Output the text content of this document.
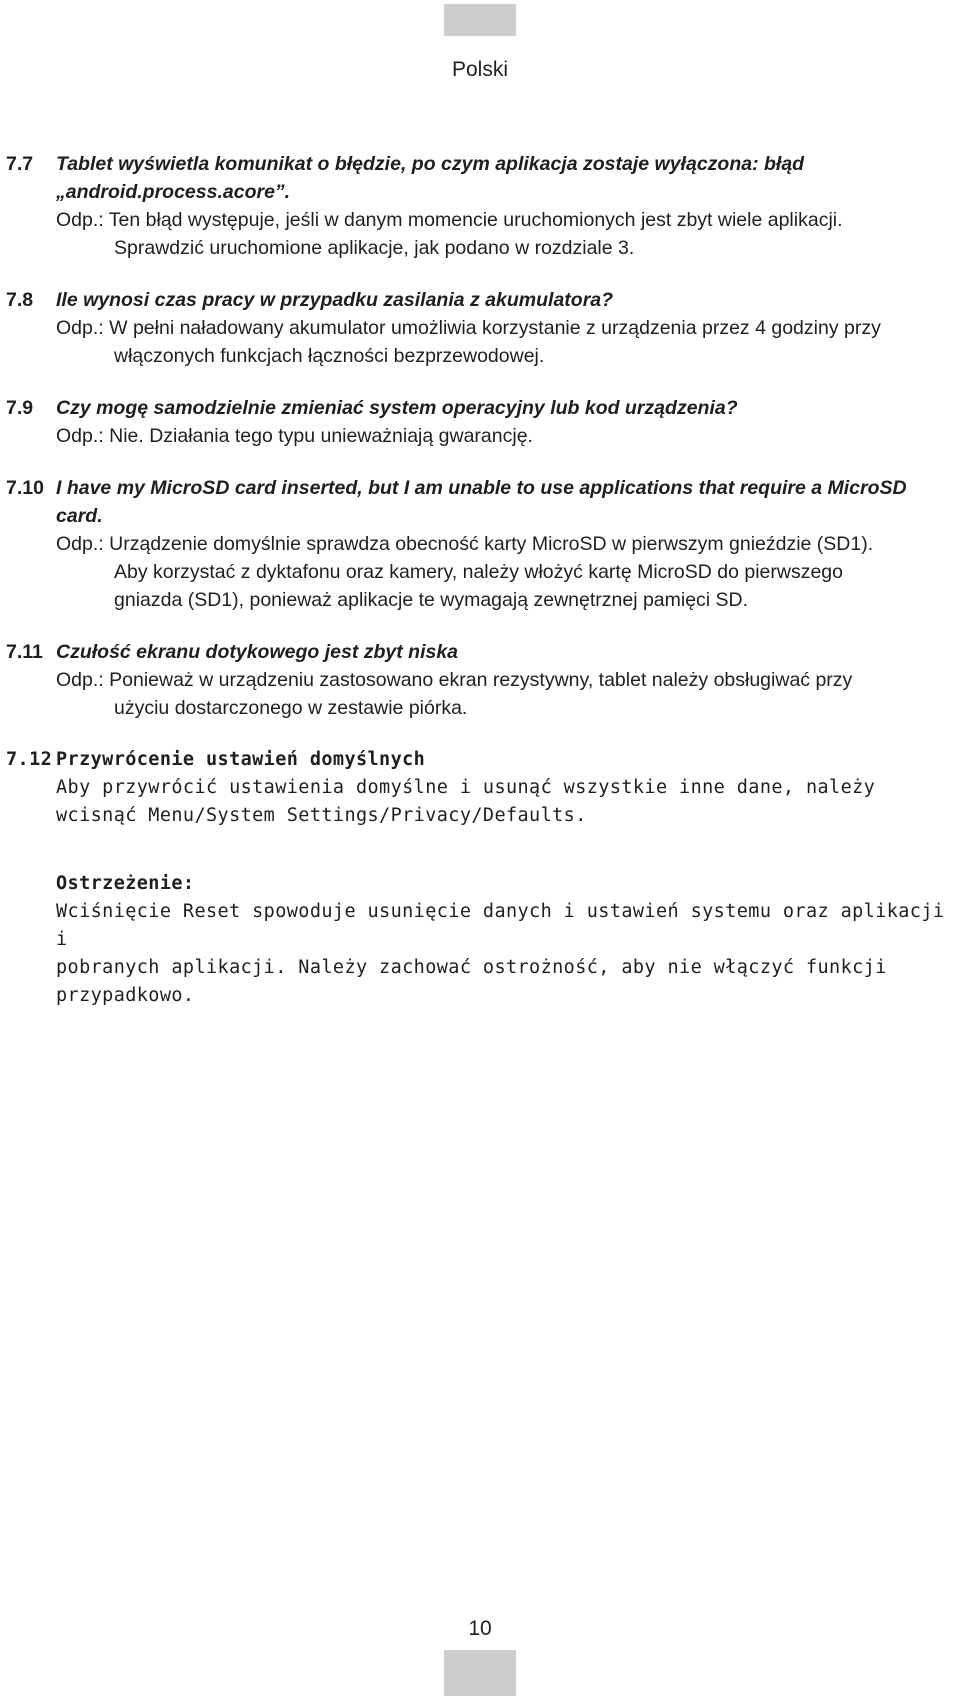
Polski
7.7	Tablet wyświetla komunikat o błędzie, po czym aplikacja zostaje wyłączona: błąd „android.process.acore”.
Odp.: Ten błąd występuje, jeśli w danym momencie uruchomionych jest zbyt wiele aplikacji.
Sprawdzić uruchomione aplikacje, jak podano w rozdziale 3.
7.8	Ile wynosi czas pracy w przypadku zasilania z akumulatora?
Odp.: W pełni naładowany akumulator umożliwia korzystanie z urządzenia przez 4 godziny przy
włączonych funkcjach łączności bezprzewodowej.
7.9	Czy mogę samodzielnie zmieniać system operacyjny lub kod urządzenia?
Odp.: Nie. Działania tego typu unieważniają gwarancję.
7.10 I have my MicroSD card inserted, but I am unable to use applications that require a MicroSD card.
Odp.: Urządzenie domyślnie sprawdza obecność karty MicroSD w pierwszym gnieździe (SD1).
Aby korzystać z dyktafonu oraz kamery, należy włożyć kartę MicroSD do pierwszego
gniazda (SD1), ponieważ aplikacje te wymagają zewnętrznej pamięci SD.
7.11 Czułość ekranu dotykowego jest zbyt niska
Odp.: Ponieważ w urządzeniu zastosowano ekran rezystywny, tablet należy obsługiwać przy
użyciu dostarczonego w zestawie piórka.
7.12 Przywrócenie ustawień domyślnych
Aby przywrócić ustawienia domyślne i usunąć wszystkie inne dane, należy
wcisnąć Menu/System Settings/Privacy/Defaults.
Ostrzeżenie:
Wciśnięcie Reset spowoduje usunięcie danych i ustawień systemu oraz aplikacji i
pobranych aplikacji. Należy zachować ostrożność, aby nie włączyć funkcji
przypadkowo.
10
